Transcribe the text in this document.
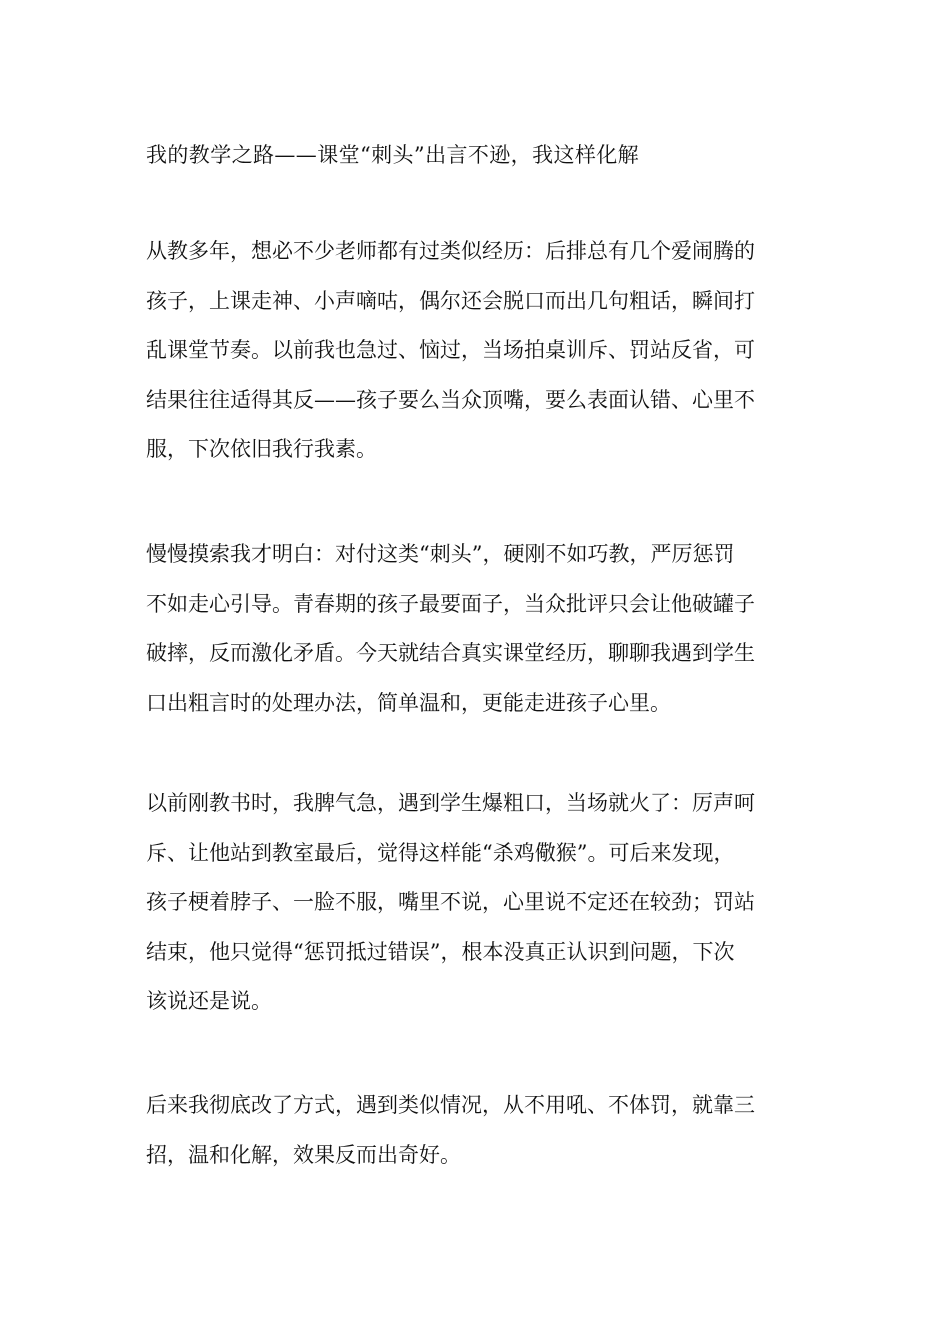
我的教学之路——课堂“刺头”出言不逊，我这样化解

从教多年，想必不少老师都有过类似经历：后排总有几个爱闹腾的
孩子，上课走神、小声嘀咕，偶尔还会脱口而出几句粗话，瞬间打
乱课堂节奏。以前我也急过、恼过，当场拍桌训斥、罚站反省，可
结果往往适得其反——孩子要么当众顶嘴，要么表面认错、心里不
服，下次依旧我行我素。

慢慢摸索我才明白：对付这类“刺头”，硬刚不如巧教，严厉惩罚
不如走心引导。青春期的孩子最要面子，当众批评只会让他破罐子
破摔，反而激化矛盾。今天就结合真实课堂经历，聊聊我遇到学生
口出粗言时的处理办法，简单温和，更能走进孩子心里。

以前刚教书时，我脾气急，遇到学生爆粗口，当场就火了：厉声呵
斥、让他站到教室最后，觉得这样能“杀鸡儆猴”。可后来发现，
孩子梗着脖子、一脸不服，嘴里不说，心里说不定还在较劲；罚站
结束，他只觉得“惩罚抵过错误”，根本没真正认识到问题，下次
该说还是说。

后来我彻底改了方式，遇到类似情况，从不用吼、不体罚，就靠三
招，温和化解，效果反而出奇好。
